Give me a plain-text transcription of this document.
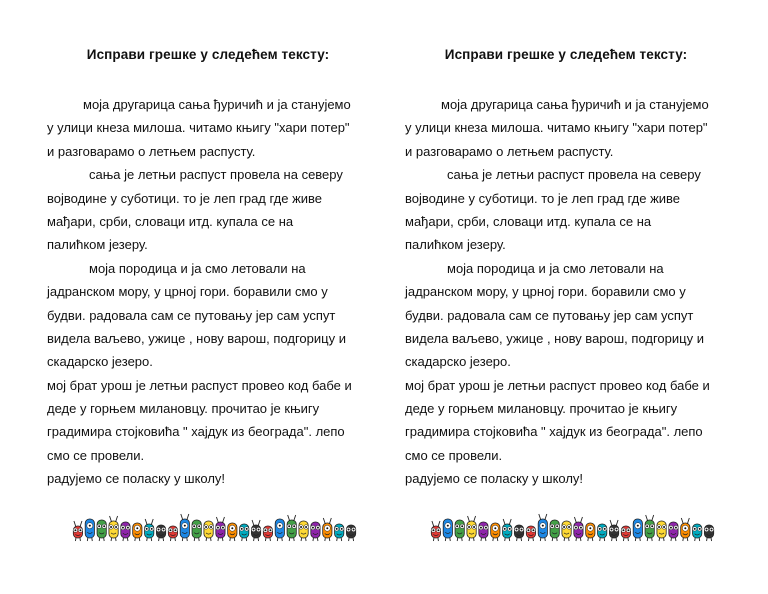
Исправи грешке у следећем тексту:
моја другарица сања ђуричић и ја станујемо
у улици кнеза милоша. читамо књигу "хари потер"
и разговарамо о летњем распусту.
сања је летњи распуст провела на северу
војводине у суботици. то је леп град где живе
мађари, срби, словаци итд. купала се на
палићком језеру.
моја породица и ја смо летовали на
јадранском мору, у црној гори. боравили смо у
будви. радовала сам се путовању јер сам успут
видела ваљево, ужице , нову варош, подгорицу и
скадарско језеро.
мој брат урош је летњи распуст провео код бабе и
деде у горњем милановцу. прочитао је књигу
градимира стојковића " хајдук из београда". лепо
смо се провели.
радујемо се поласку у школу!
Исправи грешке у следећем тексту:
моја другарица сања ђуричић и ја станујемо
у улици кнеза милоша. читамо књигу "хари потер"
и разговарамо о летњем распусту.
сања је летњи распуст провела на северу
војводине у суботици. то је леп град где живе
мађари, срби, словаци итд. купала се на
палићком језеру.
моја породица и ја смо летовали на
јадранском мору, у црној гори. боравили смо у
будви. радовала сам се путовању јер сам успут
видела ваљево, ужице , нову варош, подгорицу и
скадарско језеро.
мој брат урош је летњи распуст провео код бабе и
деде у горњем милановцу. прочитао је књигу
градимира стојковића " хајдук из београда". лепо
смо се провели.
радујемо се поласку у школу!
